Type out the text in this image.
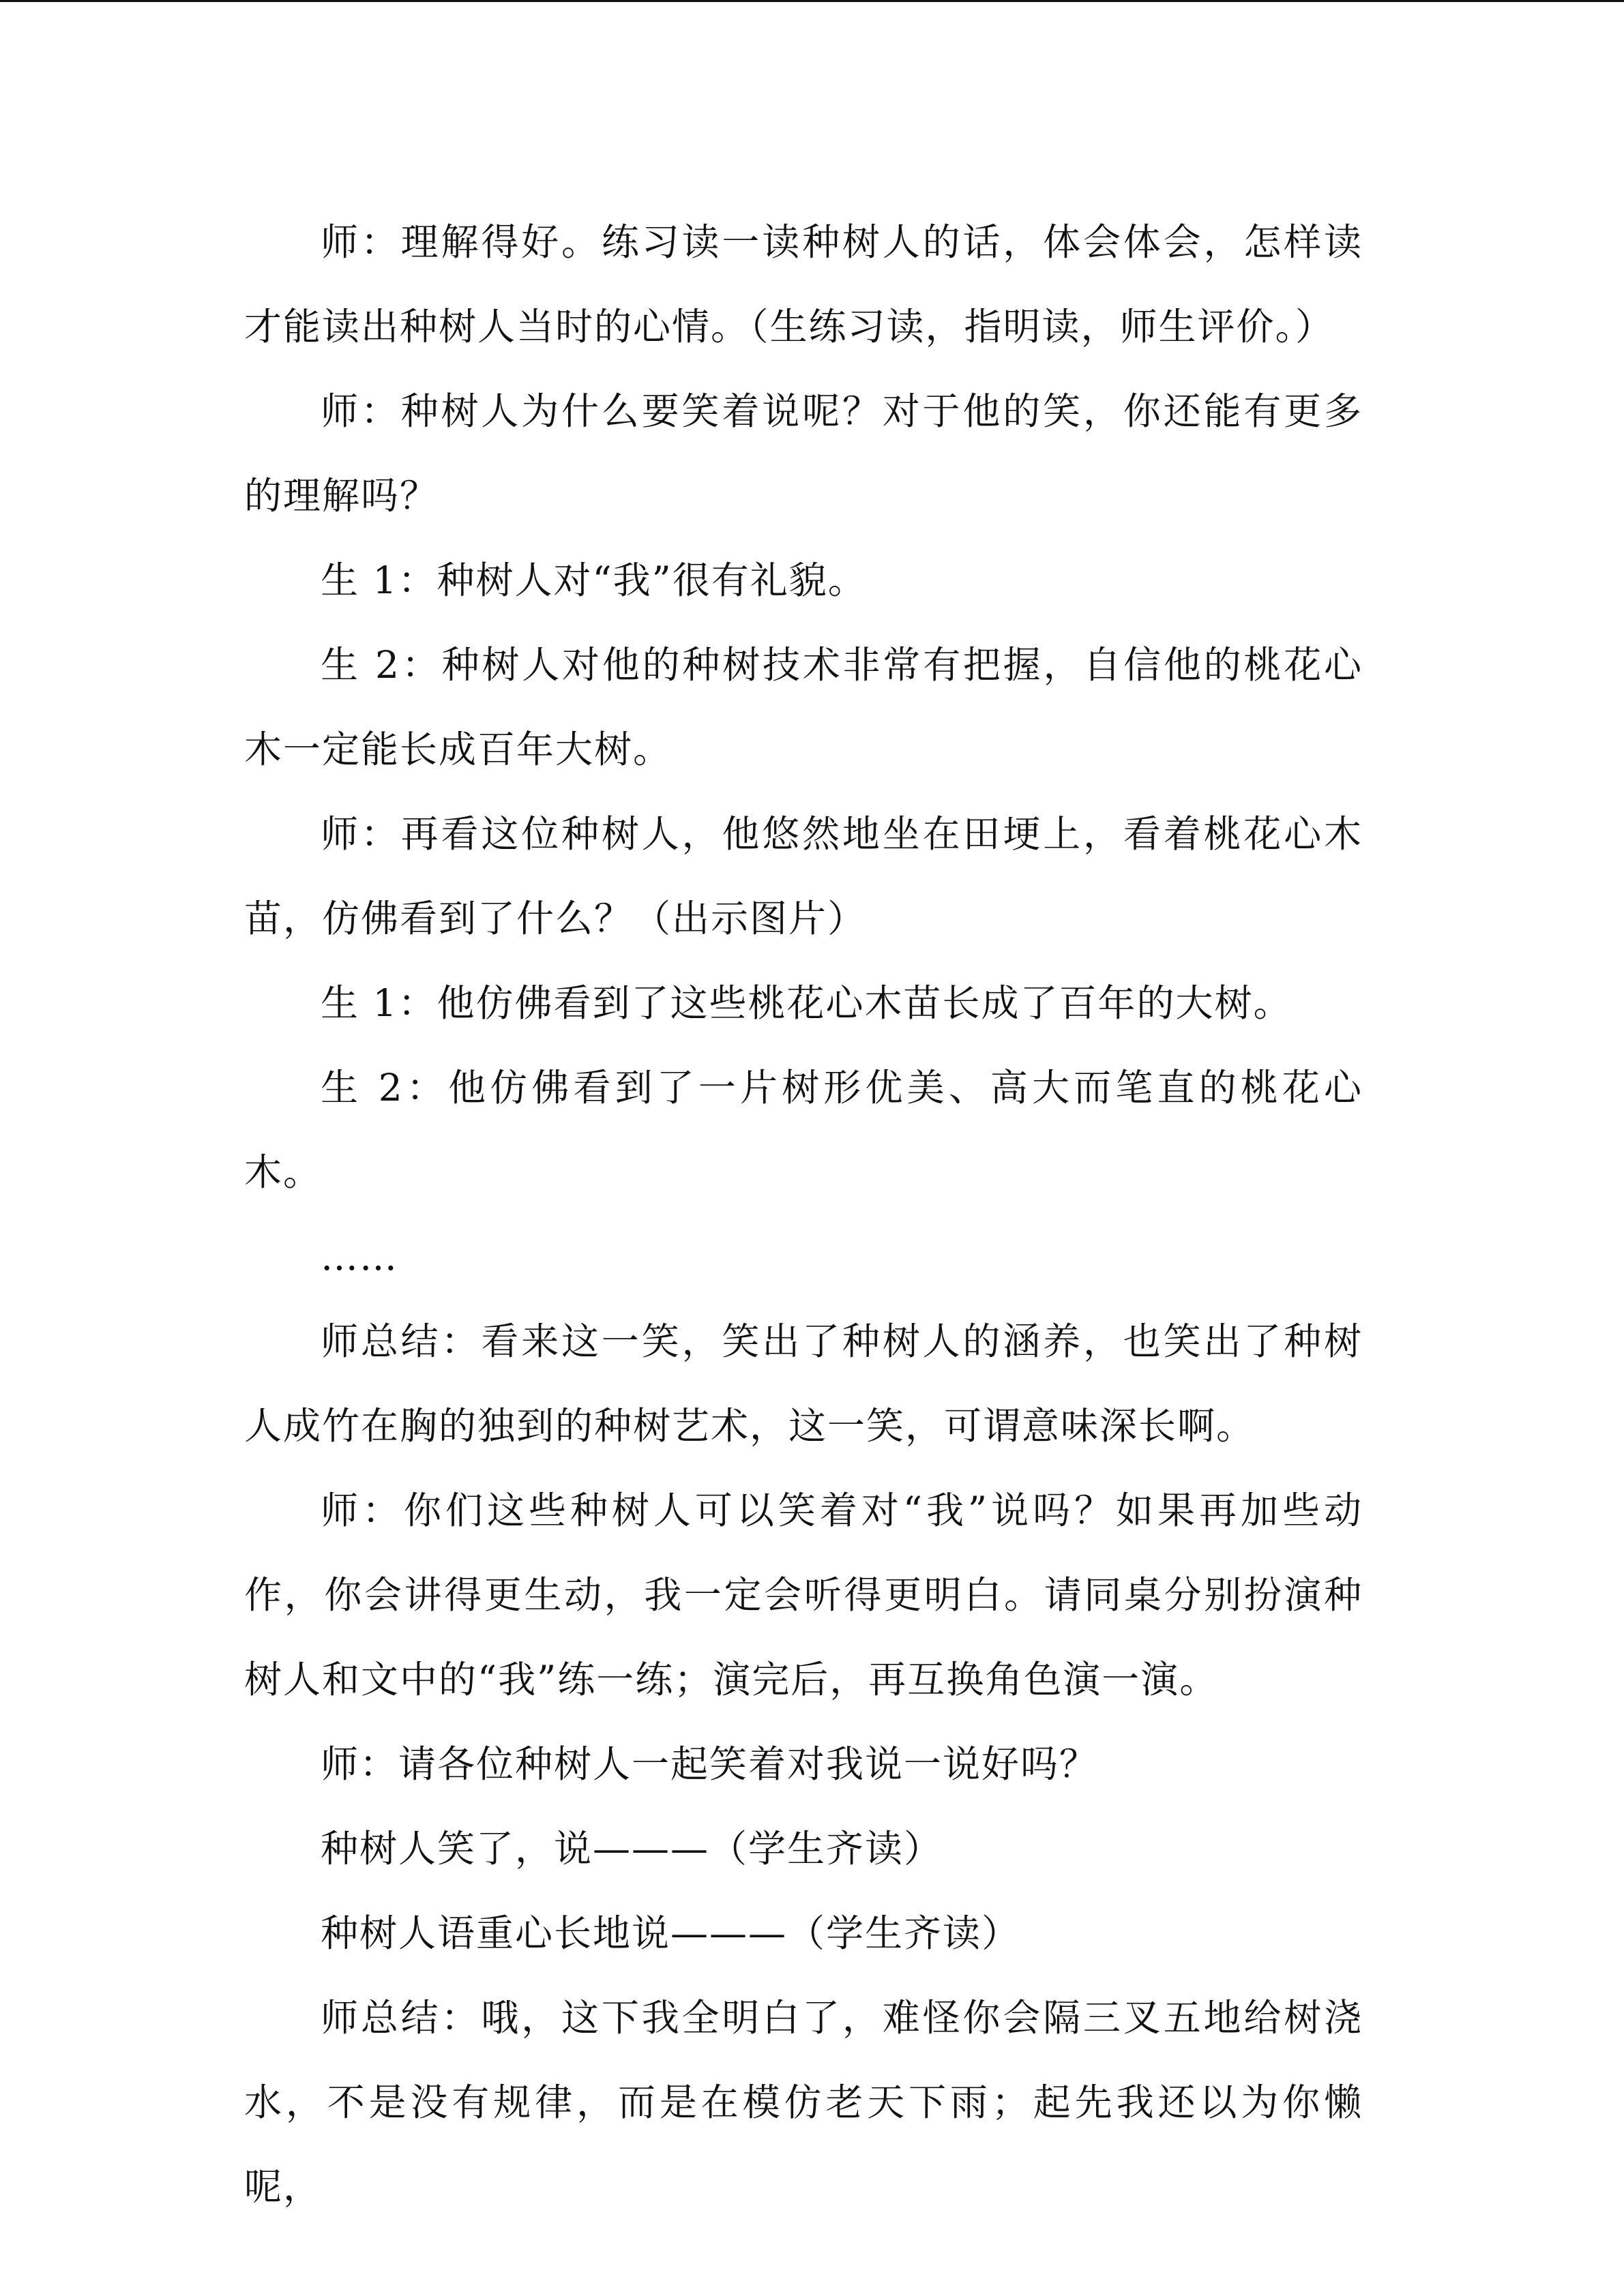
师：理解得好。练习读一读种树人的话，体会体会，怎样读才能读出种树人当时的心情。（生练习读，指明读，师生评价。）

师：种树人为什么要笑着说呢？对于他的笑，你还能有更多的理解吗？

生 1：种树人对“我”很有礼貌。

生 2：种树人对他的种树技术非常有把握，自信他的桃花心木一定能长成百年大树。

师：再看这位种树人，他悠然地坐在田埂上，看着桃花心木苗，仿佛看到了什么？（出示图片）

生 1：他仿佛看到了这些桃花心木苗长成了百年的大树。

生 2：他仿佛看到了一片树形优美、高大而笔直的桃花心木。

……

师总结：看来这一笑，笑出了种树人的涵养，也笑出了种树人成竹在胸的独到的种树艺术，这一笑，可谓意味深长啊。

师：你们这些种树人可以笑着对“我”说吗？如果再加些动作，你会讲得更生动，我一定会听得更明白。请同桌分别扮演种树人和文中的“我”练一练；演完后，再互换角色演一演。

师：请各位种树人一起笑着对我说一说好吗？

种树人笑了，说———（学生齐读）

种树人语重心长地说———（学生齐读）

师总结：哦，这下我全明白了，难怪你会隔三叉五地给树浇水，不是没有规律，而是在模仿老天下雨；起先我还以为你懒呢，
